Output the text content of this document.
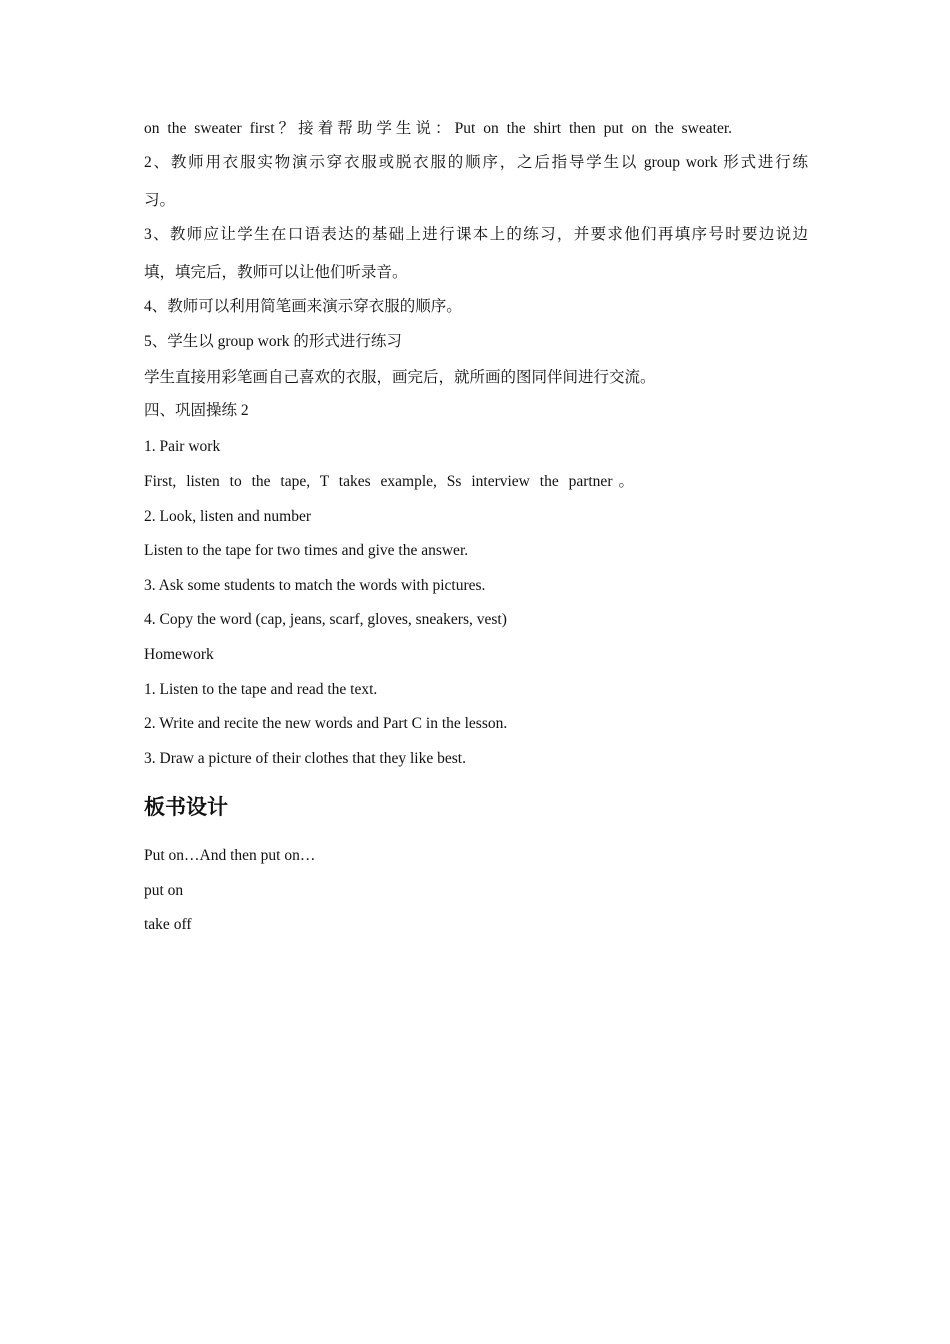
on the sweater first？接着帮助学生说：Put on the shirt then put on the sweater.

2、教师用衣服实物演示穿衣服或脱衣服的顺序，之后指导学生以 group work 形式进行练

习。

3、教师应让学生在口语表达的基础上进行课本上的练习，并要求他们再填序号时要边说边

填，填完后，教师可以让他们听录音。

4、教师可以利用简笔画来演示穿衣服的顺序。

5、学生以 group work 的形式进行练习

学生直接用彩笔画自己喜欢的衣服，画完后，就所画的图同伴间进行交流。

四、巩固操练 2

1. Pair work

First, listen to the tape, T takes example, Ss interview the partner。

2. Look, listen and number

Listen to the tape for two times and give the answer.

3. Ask some students to match the words with pictures.

4. Copy the word (cap, jeans, scarf, gloves, sneakers, vest)

Homework

1. Listen to the tape and read the text.

2. Write and recite the new words and Part C in the lesson.

3. Draw a picture of their clothes that they like best.

板书设计

Put on…And then put on…

put on

take off
